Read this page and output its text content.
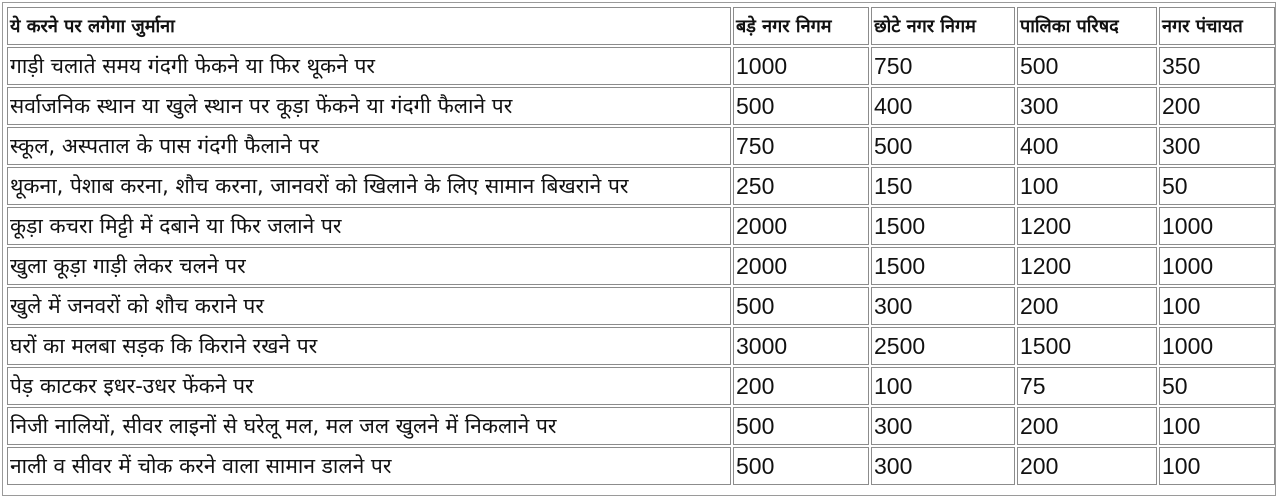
ये करने पर लगेगा जुर्माना	बड़े नगर निगम	छोटे नगर निगम	पालिका परिषद	नगर पंचायत
गाड़ी चलाते समय गंदगी फेकने या फिर थूकने पर	1000	750	500	350
सर्वाजनिक स्थान या खुले स्थान पर कूड़ा फेंकने या गंदगी फैलाने पर	500	400	300	200
स्कूल, अस्पताल के पास गंदगी फैलाने पर	750	500	400	300
थूकना, पेशाब करना, शौच करना, जानवरों को खिलाने के लिए सामान बिखराने पर	250	150	100	50
कूड़ा कचरा मिट्टी में दबाने या फिर जलाने पर	2000	1500	1200	1000
खुला कूड़ा गाड़ी लेकर चलने पर	2000	1500	1200	1000
खुले में जनवरों को शौच कराने पर	500	300	200	100
घरों का मलबा सड़क कि किराने रखने पर	3000	2500	1500	1000
पेड़ काटकर इधर-उधर फेंकने पर	200	100	75	50
निजी नालियों, सीवर लाइनों से घरेलू मल, मल जल खुलने में निकलाने पर	500	300	200	100
नाली व सीवर में चोक करने वाला सामान डालने पर	500	300	200	100
